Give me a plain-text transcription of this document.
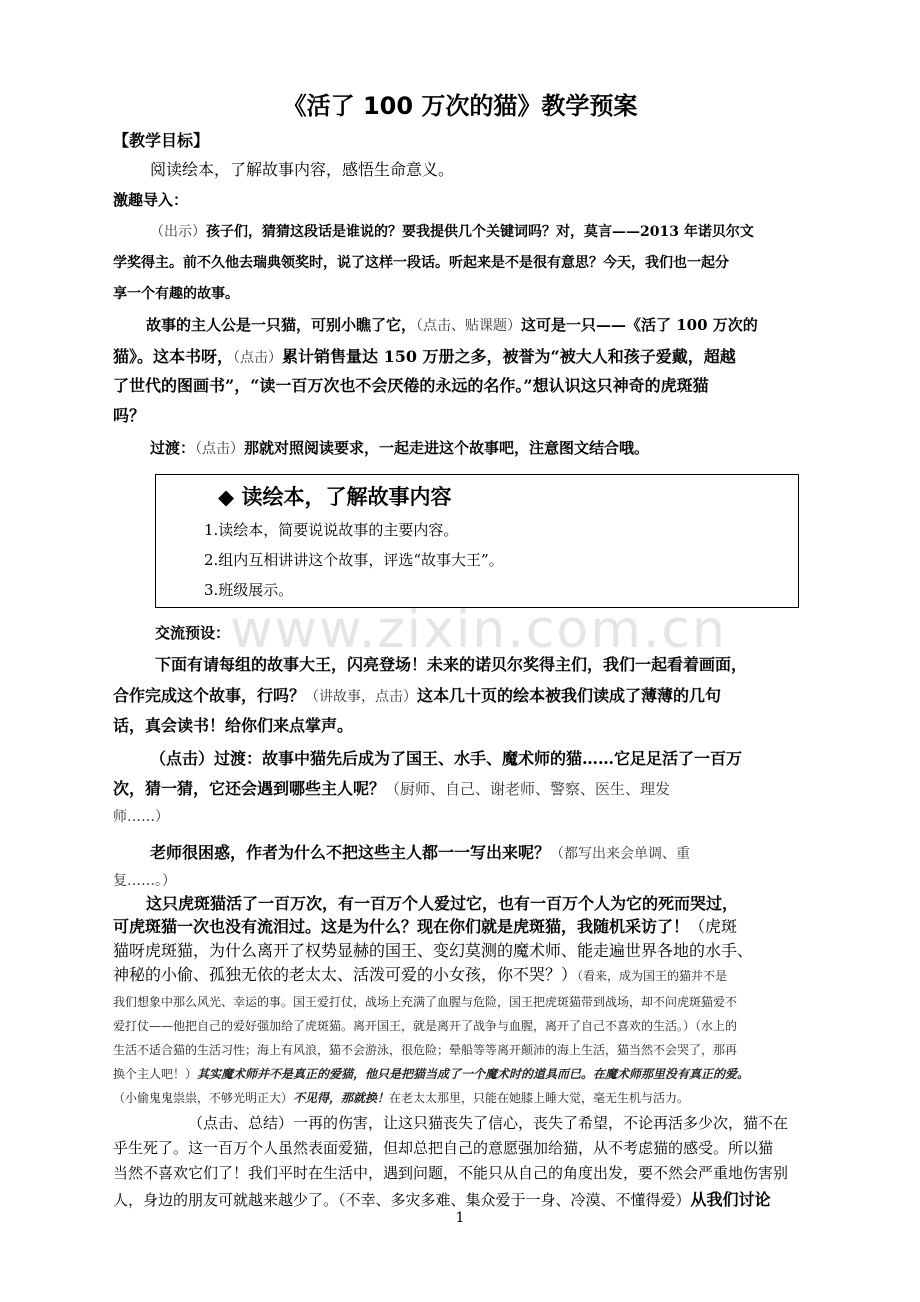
www.zixin.com.cn
《活了 100 万次的猫》教学预案
【教学目标】
阅读绘本，了解故事内容，感悟生命意义。
激趣导入：
（出示）孩子们，猜猜这段话是谁说的？要我提供几个关键词吗？对，莫言——2013 年诺贝尔文
学奖得主。前不久他去瑞典领奖时，说了这样一段话。听起来是不是很有意思？今天，我们也一起分
享一个有趣的故事。
故事的主人公是一只猫，可别小瞧了它，（点击、贴课题）这可是一只——《活了 100 万次的
猫》。这本书呀，（点击）累计销售量达 150 万册之多，被誉为“被大人和孩子爱戴，超越
了世代的图画书”，“读一百万次也不会厌倦的永远的名作。”想认识这只神奇的虎斑猫
吗？
过渡：（点击）那就对照阅读要求，一起走进这个故事吧，注意图文结合哦。
◆ 读绘本，了解故事内容
1.读绘本，简要说说故事的主要内容。
2.组内互相讲讲这个故事，评选“故事大王”。
3.班级展示。
交流预设：
下面有请每组的故事大王，闪亮登场！未来的诺贝尔奖得主们，我们一起看着画面，
合作完成这个故事，行吗？（讲故事，点击）这本几十页的绘本被我们读成了薄薄的几句
话，真会读书！给你们来点掌声。
（点击）过渡：故事中猫先后成为了国王、水手、魔术师的猫……它足足活了一百万
次，猜一猜，它还会遇到哪些主人呢？（厨师、自己、谢老师、警察、医生、理发
师……）
老师很困惑，作者为什么不把这些主人都一一写出来呢？（都写出来会单调、重
复……。）
这只虎斑猫活了一百万次，有一百万个人爱过它，也有一百万个人为它的死而哭过，
可虎斑猫一次也没有流泪过。这是为什么？现在你们就是虎斑猫，我随机采访了！（虎斑
猫呀虎斑猫，为什么离开了权势显赫的国王、变幻莫测的魔术师、能走遍世界各地的水手、
神秘的小偷、孤独无依的老太太、活泼可爱的小女孩，你不哭？）（看来，成为国王的猫并不是
我们想象中那么风光、幸运的事。国王爱打仗，战场上充满了血腥与危险，国王把虎斑猫带到战场，却不问虎斑猫爱不
爱打仗——他把自己的爱好强加给了虎斑猫。离开国王，就是离开了战争与血腥，离开了自己不喜欢的生活。）（水上的
生活不适合猫的生活习性；海上有风浪，猫不会游泳，很危险；晕船等等离开颠沛的海上生活，猫当然不会哭了，那再
换个主人吧！）其实魔术师并不是真正的爱猫，他只是把猫当成了一个魔术时的道具而已。在魔术师那里没有真正的爱。
（小偷鬼鬼祟祟，不够光明正大）不见得，那就换！在老太太那里，只能在她膝上睡大觉，毫无生机与活力。
（点击、总结）一再的伤害，让这只猫丧失了信心，丧失了希望，不论再活多少次，猫不在
乎生死了。这一百万个人虽然表面爱猫，但却总把自己的意愿强加给猫，从不考虑猫的感受。所以猫
当然不喜欢它们了！我们平时在生活中，遇到问题，不能只从自己的角度出发，要不然会严重地伤害别
人，身边的朋友可就越来越少了。（不幸、多灾多难、集众爱于一身、冷漠、不懂得爱）从我们讨论
1
